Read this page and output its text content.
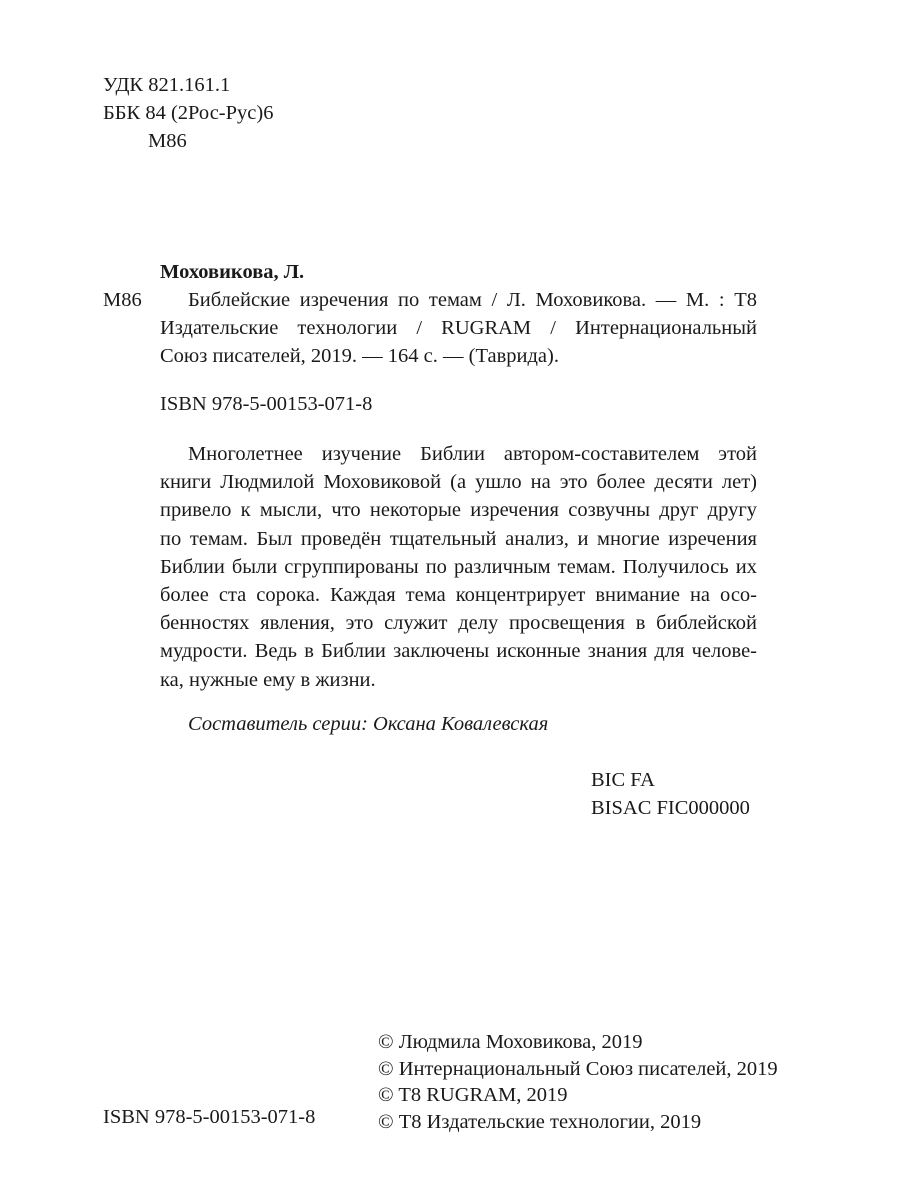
УДК 821.161.1
ББК 84 (2Рос-Рус)6
М86
Моховикова, Л.
М86	Библейские изречения по темам / Л. Моховикова. — М. : Т8
Издательские технологии / RUGRAM / Интернациональный
Союз писателей, 2019. — 164 с. — (Таврида).
ISBN 978-5-00153-071-8
Многолетнее изучение Библии автором-составителем этой
книги Людмилой Моховиковой (а ушло на это более десяти лет)
привело к мысли, что некоторые изречения созвучны друг другу
по темам. Был проведён тщательный анализ, и многие изречения
Библии были сгруппированы по различным темам. Получилось их
более ста сорока. Каждая тема концентрирует внимание на осо-
бенностях явления, это служит делу просвещения в библейской
мудрости. Ведь в Библии заключены исконные знания для челове-
ка, нужные ему в жизни.
Составитель серии: Оксана Ковалевская
BIC FA
BISAC FIC000000
© Людмила Моховикова, 2019
© Интернациональный Союз писателей, 2019
© T8 RUGRAM, 2019
© Т8 Издательские технологии, 2019
ISBN 978-5-00153-071-8
